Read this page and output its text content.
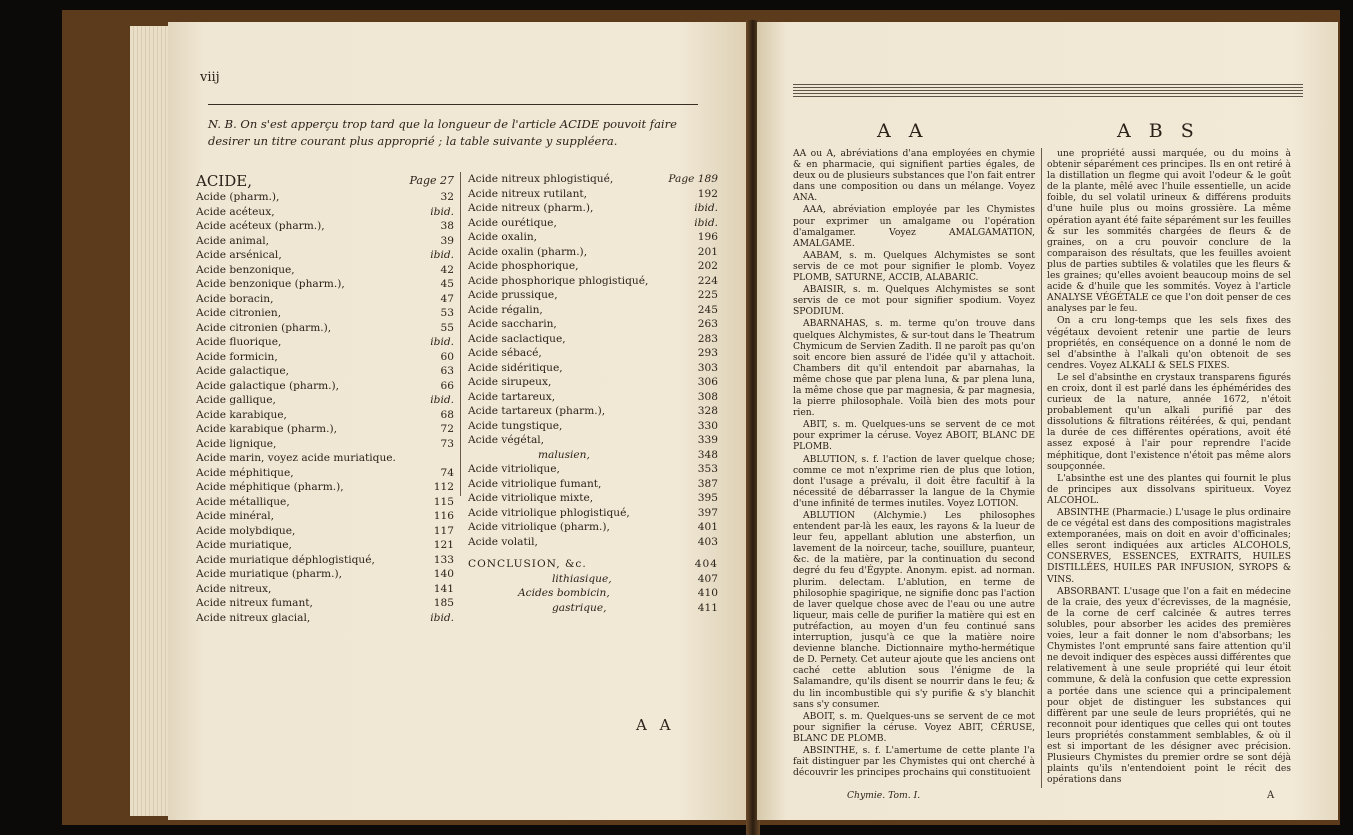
viij
N. B. On s'est apperçu trop tard que la longueur de l'article ACIDE pouvoit faire
desirer un titre courant plus approprié ; la table suivante y suppléera.
ACIDE,	Page 27
Acide (pharm.),	32
Acide acéteux,	ibid.
Acide acéteux (pharm.),	38
Acide animal,	39
Acide arsénical,	ibid.
Acide benzonique,	42
Acide benzonique (pharm.),	45
Acide boracin,	47
Acide citronien,	53
Acide citronien (pharm.),	55
Acide fluorique,	ibid.
Acide formicin,	60
Acide galactique,	63
Acide galactique (pharm.),	66
Acide gallique,	ibid.
Acide karabique,	68
Acide karabique (pharm.),	72
Acide lignique,	73
Acide marin, voyez acide muriatique.
Acide méphitique,	74
Acide méphitique (pharm.),	112
Acide métallique,	115
Acide minéral,	116
Acide molybdique,	117
Acide muriatique,	121
Acide muriatique déphlogistiqué,	133
Acide muriatique (pharm.),	140
Acide nitreux,	141
Acide nitreux fumant,	185
Acide nitreux glacial,	ibid.
Acide nitreux phlogistiqué,	Page 189
Acide nitreux rutilant,	192
Acide nitreux (pharm.),	ibid.
Acide ourétique,	ibid.
Acide oxalin,	196
Acide oxalin (pharm.),	201
Acide phosphorique,	202
Acide phosphorique phlogistiqué,	224
Acide prussique,	225
Acide régalin,	245
Acide saccharin,	263
Acide saclactique,	283
Acide sébacé,	293
Acide sidéritique,	303
Acide sirupeux,	306
Acide tartareux,	308
Acide tartareux (pharm.),	328
Acide tungstique,	330
Acide végétal,	339
malusien,	348
Acide vitriolique,	353
Acide vitriolique fumant,	387
Acide vitriolique mixte,	395
Acide vitriolique phlogistiqué,	397
Acide vitriolique (pharm.),	401
Acide volatil,	403
CONCLUSION, &c.	404
lithiasique,	407
Acides bombicin,	410
gastrique,	411
A A
A A	A B S

AA ou A, abréviations d'ana employées en chymie & en pharmacie, qui signifient parties égales, de deux ou de plusieurs substances que l'on fait entrer dans une composition ou dans un mélange. Voyez ANA.

AAA, abréviation employée par les Chymistes pour exprimer un amalgame ou l'opération d'amalgamer. Voyez AMALGAMATION, AMALGAME.

AABAM, s. m. Quelques Alchymistes se sont servis de ce mot pour signifier le plomb. Voyez PLOMB, SATURNE, ACCIB, ALABARIC.

ABAISIR, s. m. Quelques Alchymistes se sont servis de ce mot pour signifier spodium. Voyez SPODIUM.

ABARNAHAS, s. m. terme qu'on trouve dans quelques Alchymistes, & sur-tout dans le Theatrum Chymicum de Servien Zadith. Il ne paroît pas qu'on soit encore bien assuré de l'idée qu'il y attachoit. Chambers dit qu'il entendoit par abarnahas, la même chose que par plena luna, & par plena luna, la même chose que par magnesia, & par magnesia, la pierre philosophale. Voilà bien des mots pour rien.

ABIT, s. m. Quelques-uns se servent de ce mot pour exprimer la céruse. Voyez ABOIT, BLANC DE PLOMB.

ABLUTION, s. f. l'action de laver quelque chose; comme ce mot n'exprime rien de plus que lotion, dont l'usage a prévalu, il doit être facultif à la nécessité de débarrasser la langue de la Chymie d'une infinité de termes inutiles. Voyez LOTION.

ABLUTION (Alchymie.) Les philosophes entendent par-là les eaux, les rayons & la lueur de leur feu, appellant ablution une absterfion, un lavement de la noirceur, tache, souillure, puanteur, &c. de la matière, par la continuation du second degré du feu d'Égypte. Anonym. epist. ad norman. plurim. delectam. L'ablution, en terme de philosophie spagirique, ne signifie donc pas l'action de laver quelque chose avec de l'eau ou une autre liqueur, mais celle de purifier la matière qui est en putréfaction, au moyen d'un feu continué sans interruption, jusqu'à ce que la matière noire devienne blanche. Dictionnaire mytho-hermétique de D. Pernety. Cet auteur ajoute que les anciens ont caché cette ablution sous l'énigme de la Salamandre, qu'ils disent se nourrir dans le feu; & du lin incombustible qui s'y purifie & s'y blanchit sans s'y consumer.

ABOIT, s. m. Quelques-uns se servent de ce mot pour signifier la céruse. Voyez ABIT, CÉRUSE, BLANC DE PLOMB.

ABSINTHE, s. f. L'amertume de cette plante l'a fait distinguer par les Chymistes qui ont cherché à découvrir les principes prochains qui constituoient

une propriété aussi marquée, ou du moins à obtenir séparément ces principes. Ils en ont retiré à la distillation un flegme qui avoit l'odeur & le goût de la plante, mêlé avec l'huile essentielle, un acide foible, du sel volatil urineux & différens produits d'une huile plus ou moins grossière. La même opération ayant été faite séparément sur les feuilles & sur les sommités chargées de fleurs & de graines, on a cru pouvoir conclure de la comparaison des résultats, que les feuilles avoient plus de parties subtiles & volatiles que les fleurs & les graines; qu'elles avoient beaucoup moins de sel acide & d'huile que les sommités. Voyez à l'article ANALYSE VÉGÉTALE ce que l'on doit penser de ces analyses par le feu.

On a cru long-temps que les sels fixes des végétaux devoient retenir une partie de leurs propriétés, en conséquence on a donné le nom de sel d'absinthe à l'alkali qu'on obtenoit de ses cendres. Voyez ALKALI & SELS FIXES.

Le sel d'absinthe en crystaux transparens figurés en croix, dont il est parlé dans les éphémérides des curieux de la nature, année 1672, n'étoit probablement qu'un alkali purifié par des dissolutions & filtrations réitérées, & qui, pendant la durée de ces différentes opérations, avoit été assez exposé à l'air pour reprendre l'acide méphitique, dont l'existence n'étoit pas même alors soupçonnée.

L'absinthe est une des plantes qui fournit le plus de principes aux dissolvans spiritueux. Voyez ALCOHOL.

ABSINTHE (Pharmacie.) L'usage le plus ordinaire de ce végétal est dans des compositions magistrales extemporanées, mais on doit en avoir d'officinales; elles seront indiquées aux articles ALCOHOLS, CONSERVES, ESSENCES, EXTRAITS, HUILES DISTILLÉES, HUILES PAR INFUSION, SYROPS & VINS.

ABSORBANT. L'usage que l'on a fait en médecine de la craie, des yeux d'écrevisses, de la magnésie, de la corne de cerf calcinée & autres terres solubles, pour absorber les acides des premières voies, leur a fait donner le nom d'absorbans; les Chymistes l'ont emprunté sans faire attention qu'il ne devoit indiquer des espèces aussi différentes que relativement à une seule propriété qui leur étoit commune, & delà la confusion que cette expression a portée dans une science qui a principalement pour objet de distinguer les substances qui diffèrent par une seule de leurs propriétés, qui ne reconnoit pour identiques que celles qui ont toutes leurs propriétés constamment semblables, & où il est si important de les désigner avec précision. Plusieurs Chymistes du premier ordre se sont déjà plaints qu'ils n'entendoient point le récit des opérations dans

Chymie. Tom. I.	A
